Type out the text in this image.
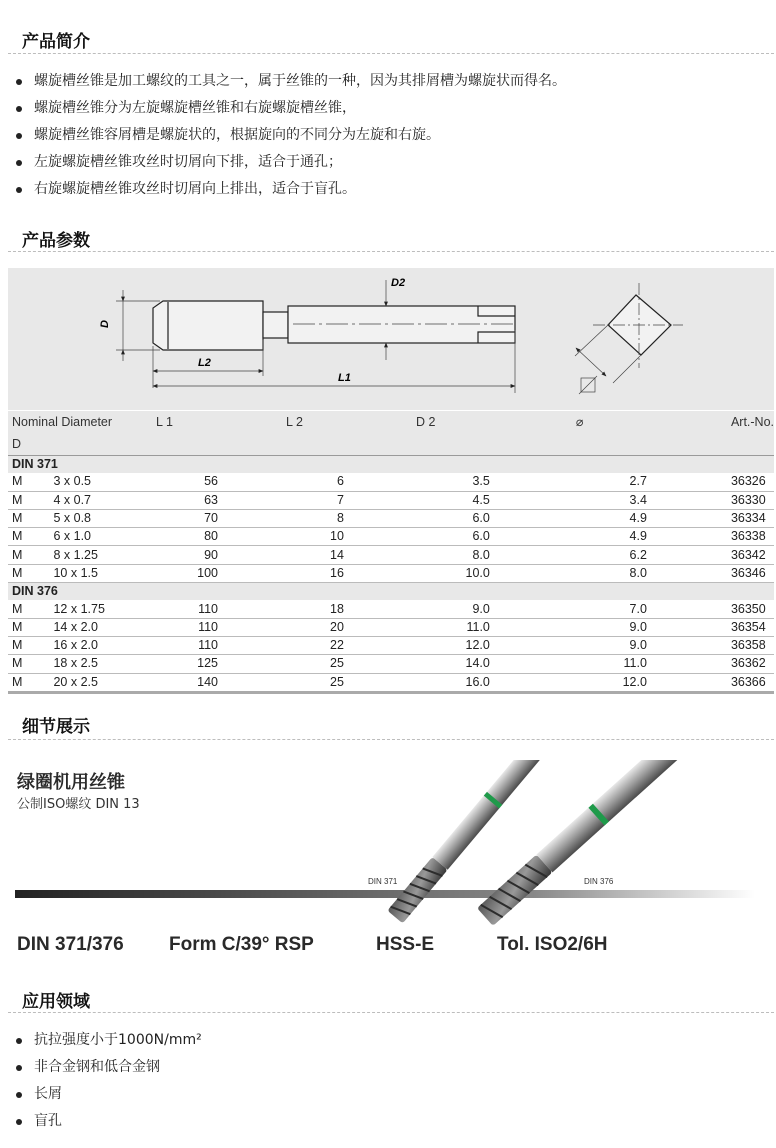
产品简介
螺旋槽丝锥是加工螺纹的工具之一，属于丝锥的一种，因为其排屑槽为螺旋状而得名。
螺旋槽丝锥分为左旋螺旋槽丝锥和右旋螺旋槽丝锥，
螺旋槽丝锥容屑槽是螺旋状的，根据旋向的不同分为左旋和右旋。
左旋螺旋槽丝锥攻丝时切屑向下排，适合于通孔；
右旋螺旋槽丝锥攻丝时切屑向上排出，适合于盲孔。
产品参数
D
D2
L2
L1
Nominal Diameter		L 1	L 2	D 2	⌀	Art.-No.
D						
DIN 371						
M	3 x 0.5	56	6	3.5	2.7	36326
M	4 x 0.7	63	7	4.5	3.4	36330
M	5 x 0.8	70	8	6.0	4.9	36334
M	6 x 1.0	80	10	6.0	4.9	36338
M	8 x 1.25	90	14	8.0	6.2	36342
M	10 x 1.5	100	16	10.0	8.0	36346
DIN 376						
M	12 x 1.75	110	18	9.0	7.0	36350
M	14 x 2.0	110	20	11.0	9.0	36354
M	16 x 2.0	110	22	12.0	9.0	36358
M	18 x 2.5	125	25	14.0	11.0	36362
M	20 x 2.5	140	25	16.0	12.0	36366
细节展示
绿圈机用丝锥
公制ISO螺纹 DIN 13
DIN 371	DIN 376
DIN 371/376 Form C/39° RSP	HSS-E	Tol. ISO2/6H
应用领域
抗拉强度小于1000N/mm²
非合金钢和低合金钢
长屑
盲孔
